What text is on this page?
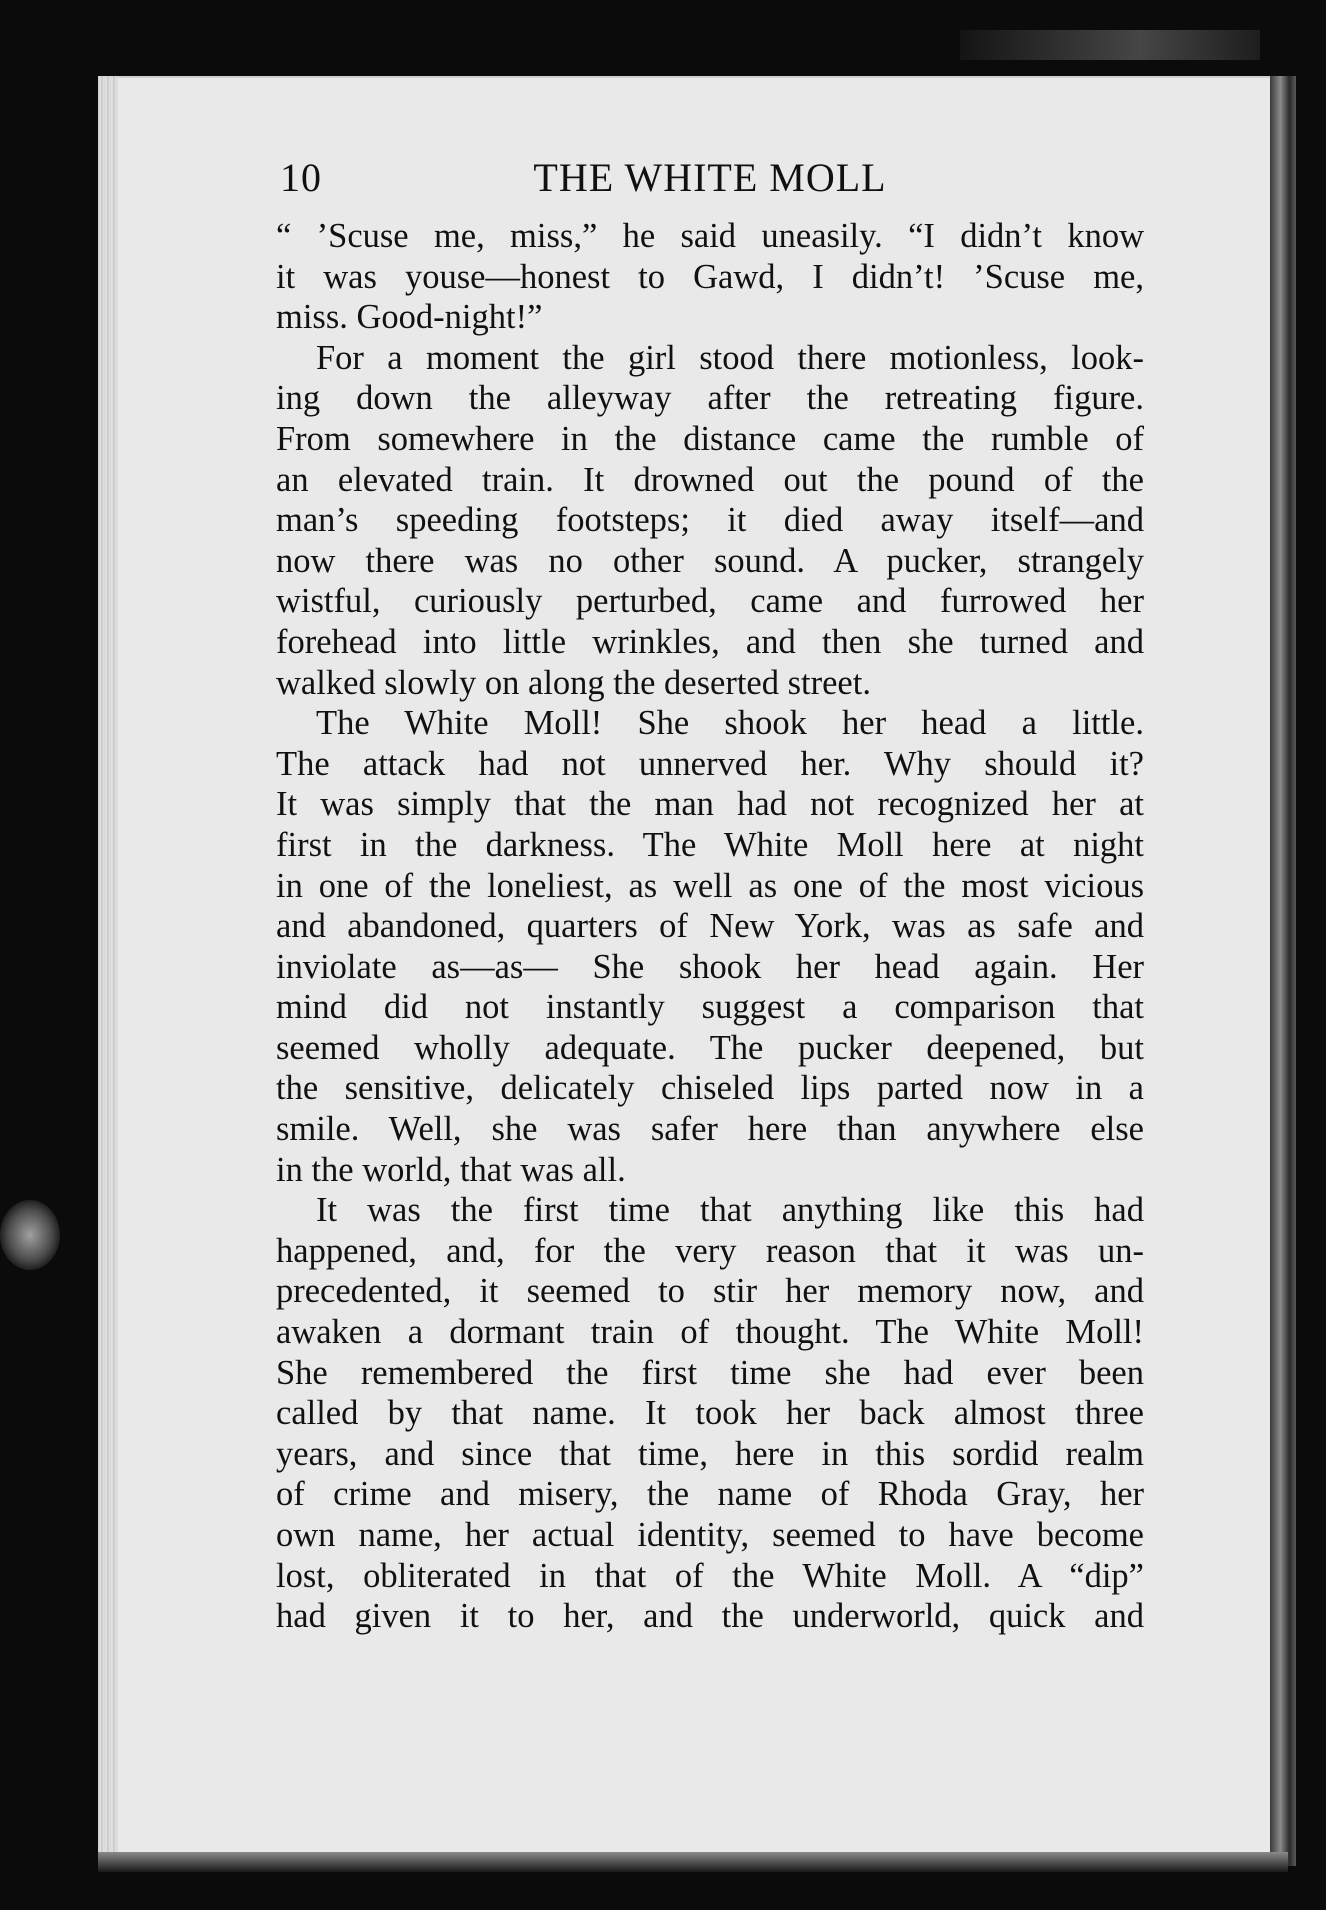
10	THE WHITE MOLL
“ ’Scuse me, miss,” he said uneasily. “I didn’t know
it was youse—honest to Gawd, I didn’t! ’Scuse me,
miss. Good-night!”
For a moment the girl stood there motionless, look-
ing down the alleyway after the retreating figure.
From somewhere in the distance came the rumble of
an elevated train. It drowned out the pound of the
man’s speeding footsteps; it died away itself—and
now there was no other sound. A pucker, strangely
wistful, curiously perturbed, came and furrowed her
forehead into little wrinkles, and then she turned and
walked slowly on along the deserted street.
The White Moll! She shook her head a little.
The attack had not unnerved her. Why should it?
It was simply that the man had not recognized her at
first in the darkness. The White Moll here at night
in one of the loneliest, as well as one of the most vicious
and abandoned, quarters of New York, was as safe and
inviolate as—as— She shook her head again. Her
mind did not instantly suggest a comparison that
seemed wholly adequate. The pucker deepened, but
the sensitive, delicately chiseled lips parted now in a
smile. Well, she was safer here than anywhere else
in the world, that was all.
It was the first time that anything like this had
happened, and, for the very reason that it was un-
precedented, it seemed to stir her memory now, and
awaken a dormant train of thought. The White Moll!
She remembered the first time she had ever been
called by that name. It took her back almost three
years, and since that time, here in this sordid realm
of crime and misery, the name of Rhoda Gray, her
own name, her actual identity, seemed to have become
lost, obliterated in that of the White Moll. A “dip”
had given it to her, and the underworld, quick and
